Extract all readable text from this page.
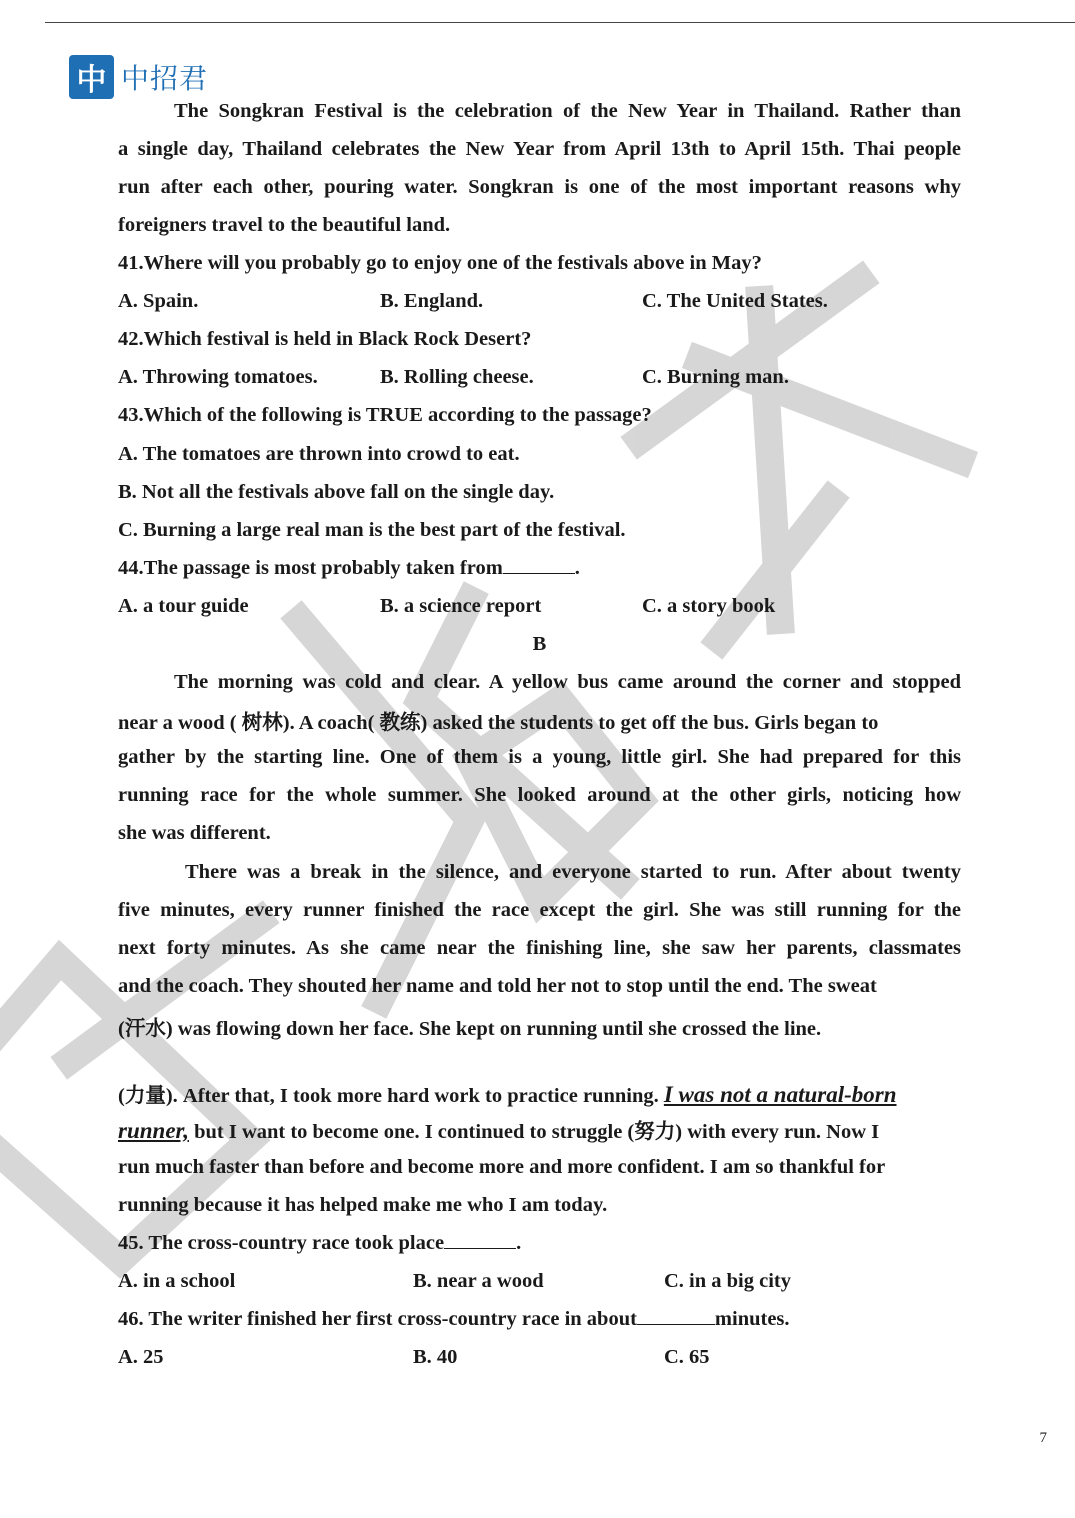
中 中招君
The Songkran Festival is the celebration of the New Year in Thailand. Rather than
a single day, Thailand celebrates the New Year from April 13th to April 15th. Thai people
run after each other, pouring water. Songkran is one of the most important reasons why
foreigners travel to the beautiful land.
41.Where will you probably go to enjoy one of the festivals above in May?
A. Spain.	B. England.	C. The United States.
42.Which festival is held in Black Rock Desert?
A. Throwing tomatoes.	B. Rolling cheese.	C. Burning man.
43.Which of the following is TRUE according to the passage?
A. The tomatoes are thrown into crowd to eat.
B. Not all the festivals above fall on the single day.
C. Burning a large real man is the best part of the festival.
44.The passage is most probably taken from	.
A. a tour guide	B. a science report	C. a story book
B
The morning was cold and clear. A yellow bus came around the corner and stopped
near a wood ( 树林). A coach( 教练) asked the students to get off the bus. Girls began to
gather by the starting line. One of them is a young, little girl. She had prepared for this
running race for the whole summer. She looked around at the other girls, noticing how
she was different.
There was a break in the silence, and everyone started to run. After about twenty
five minutes, every runner finished the race except the girl. She was still running for the
next forty minutes. As she came near the finishing line, she saw her parents, classmates
and the coach. They shouted her name and told her not to stop until the end. The sweat
(汗水) was flowing down her face. She kept on running until she crossed the line.
(力量). After that, I took more hard work to practice running. I was not a natural-born
runner, but I want to become one. I continued to struggle (努力) with every run. Now I
run much faster than before and become more and more confident. I am so thankful for
running because it has helped make me who I am today.
45. The cross-country race took place	.
A. in a school	B. near a wood	C. in a big city
46. The writer finished her first cross-country race in about	minutes.
A. 25	B. 40	C. 65
7
